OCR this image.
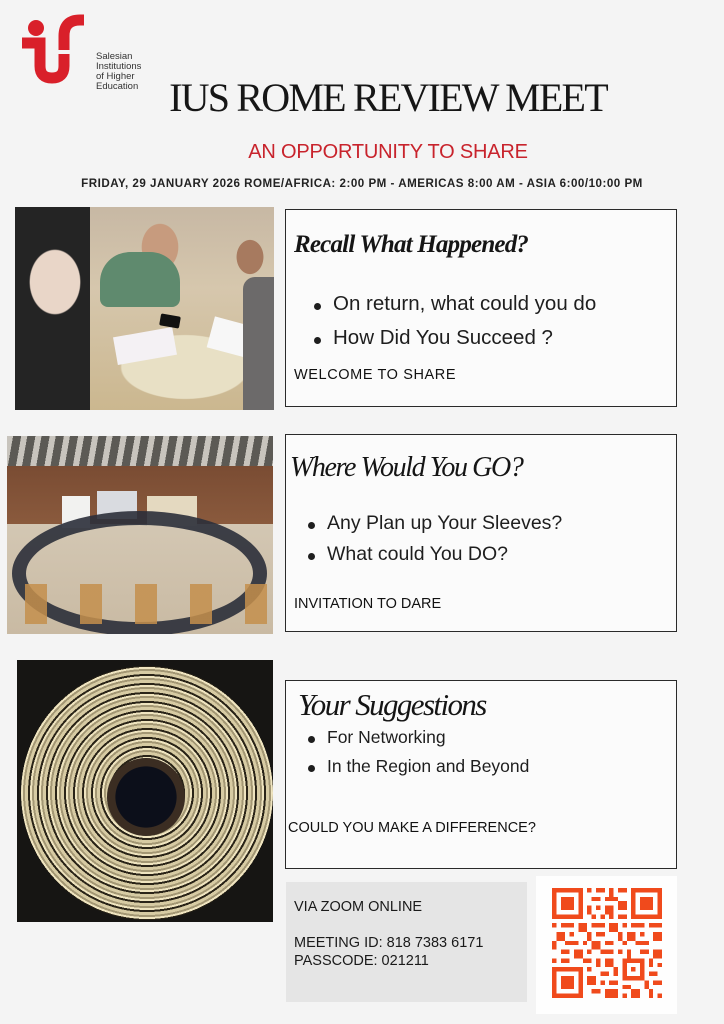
Salesian
Institutions
of Higher
Education IUS ROME REVIEW MEET
AN OPPORTUNITY TO SHARE
FRIDAY, 29 JANUARY 2026 ROME/AFRICA: 2:00 PM - AMERICAS 8:00 AM - ASIA 6:00/10:00 PM
Recall What Happened?
On return, what could you do
How Did You Succeed ?
WELCOME TO SHARE
Where Would You GO?
Any Plan up Your Sleeves?
What could You DO?
INVITATION TO DARE
Your Suggestions
For Networking
In the Region and Beyond
COULD YOU MAKE A DIFFERENCE?
VIA ZOOM ONLINE
MEETING ID: 818 7383 6171
PASSCODE: 021211
